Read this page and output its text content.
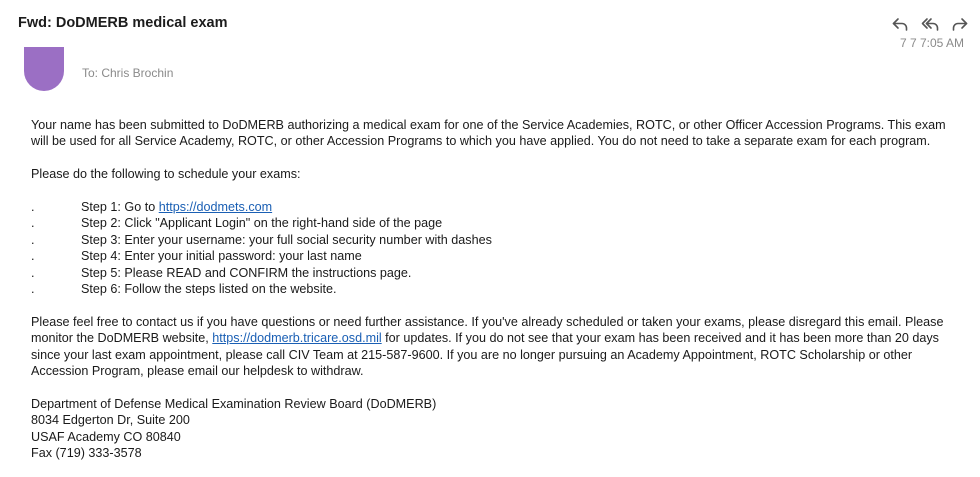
Fwd: DoDMERB medical exam
7 7 7:05 AM
To: Chris Brochin

Your name has been submitted to DoDMERB authorizing a medical exam for one of the Service Academies, ROTC, or other Officer Accession Programs. This exam will be used for all Service Academy, ROTC, or other Accession Programs to which you have applied. You do not need to take a separate exam for each program.

Please do the following to schedule your exams:

.	Step 1: Go to https://dodmets.com
.	Step 2: Click "Applicant Login" on the right-hand side of the page
.	Step 3: Enter your username: your full social security number with dashes
.	Step 4: Enter your initial password: your last name
.	Step 5: Please READ and CONFIRM the instructions page.
.	Step 6: Follow the steps listed on the website.

Please feel free to contact us if you have questions or need further assistance. If you've already scheduled or taken your exams, please disregard this email. Please monitor the DoDMERB website, https://dodmerb.tricare.osd.mil for updates. If you do not see that your exam has been received and it has been more than 20 days since your last exam appointment, please call CIV Team at 215-587-9600. If you are no longer pursuing an Academy Appointment, ROTC Scholarship or other Accession Program, please email our helpdesk to withdraw.

Department of Defense Medical Examination Review Board (DoDMERB)
8034 Edgerton Dr, Suite 200
USAF Academy CO 80840
Fax (719) 333-3578
